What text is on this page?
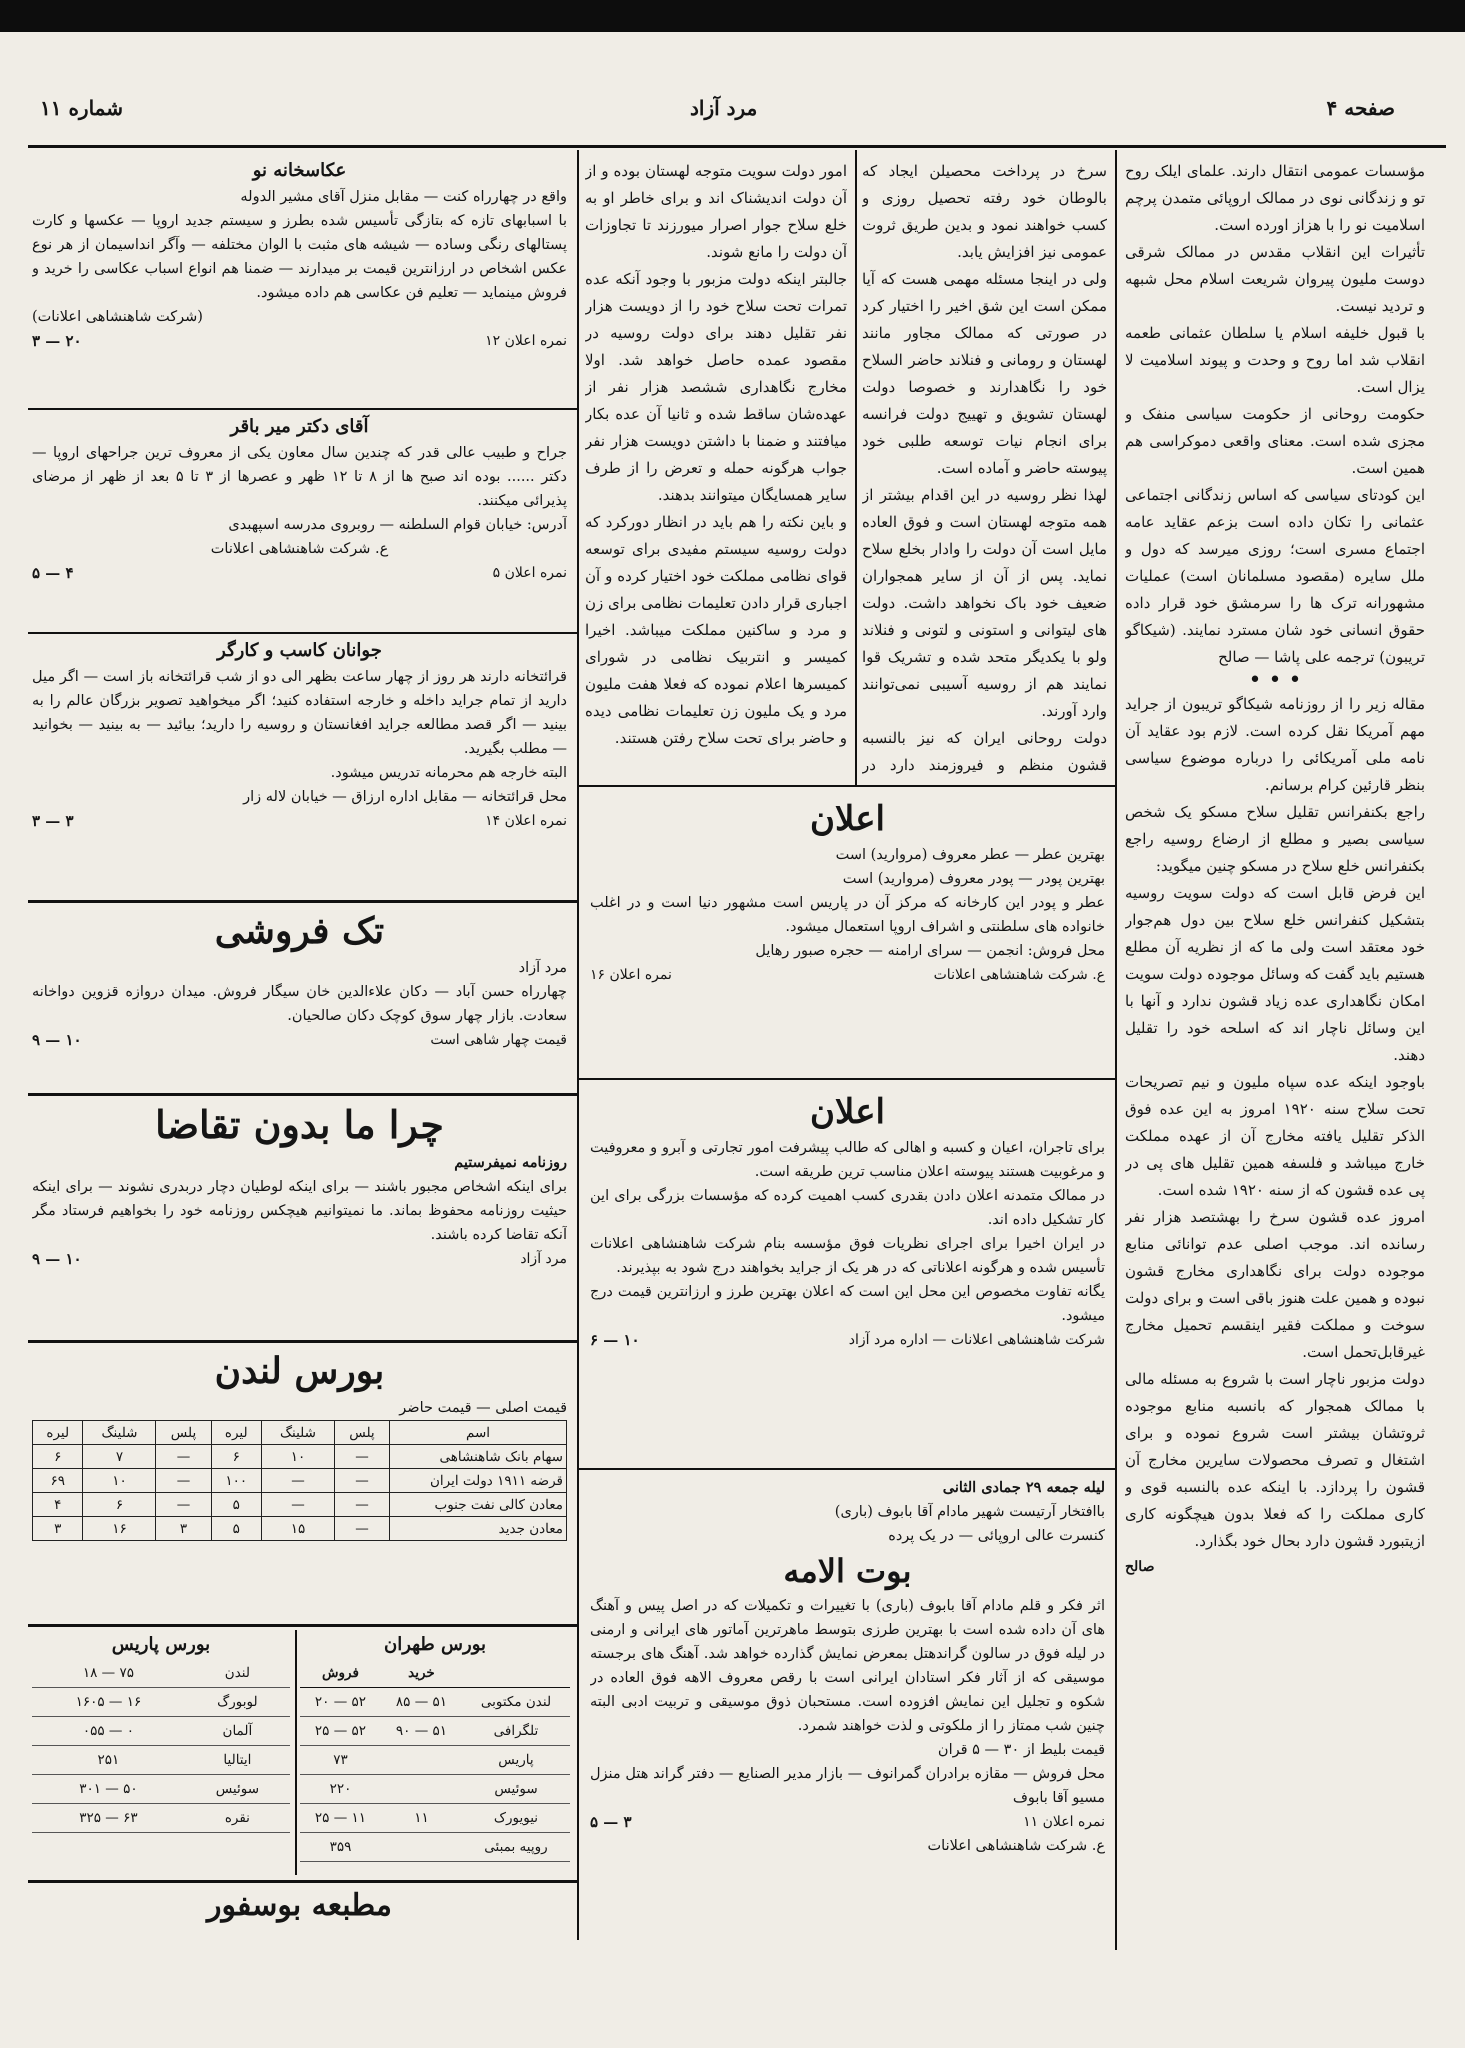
صفحه ۴
مرد آزاد
شماره ۱۱

مؤسسات عمومی انتقال دارند. علمای ایلک روح تو و زندگانی نوی در ممالک اروپائی متمدن پرچم اسلامیت نو را با هزاز اورده است.

تأثیرات این انقلاب مقدس در ممالک شرقی دوست ملیون پیروان شریعت اسلام محل شبهه و تردید نیست.

با قبول خلیفه اسلام یا سلطان عثمانی طعمه انقلاب شد اما روح و وحدت و پیوند اسلامیت لا یزال است.

حکومت روحانی از حکومت سیاسی منفک و مجزی شده است. معنای واقعی دموکراسی هم همین است.

این کودتای سیاسی که اساس زندگانی اجتماعی عثمانی را تکان داده است بزعم عقاید عامه اجتماع مسری است؛ روزی میرسد که دول و ملل سایره (مقصود مسلمانان است) عملیات مشهورانه ترک ها را سرمشق خود قرار داده حقوق انسانی خود شان مسترد نمایند. (شیکاگو تریبون) ترجمه علی پاشا — صالح

• • •

مقاله زیر را از روزنامه شیکاگو تریبون از جراید مهم آمریکا نقل کرده است. لازم بود عقاید آن نامه ملی آمریکائی را درباره موضوع سیاسی بنظر قارئین کرام برسانم.

راجع بکنفرانس تقلیل سلاح مسکو یک شخص سیاسی بصیر و مطلع از ارضاع روسیه راجع بکنفرانس خلع سلاح در مسکو چنین میگوید:

این فرض قابل است که دولت سویت روسیه بتشکیل کنفرانس خلع سلاح بین دول هم‌جوار خود معتقد است ولی ما که از نظریه آن مطلع هستیم باید گفت که وسائل موجوده دولت سویت امکان نگاهداری عده زیاد قشون ندارد و آنها با این وسائل ناچار اند که اسلحه خود را تقلیل دهند.

باوجود اینکه عده سپاه ملیون و نیم تصریحات تحت سلاح سنه ۱۹۲۰ امروز به این عده فوق الذکر تقلیل یافته مخارج آن از عهده مملکت خارج میباشد و فلسفه همین تقلیل های پی در پی عده قشون که از سنه ۱۹۲۰ شده است.

امروز عده قشون سرخ را بهشتصد هزار نفر رسانده اند. موجب اصلی عدم توانائی منابع موجوده دولت برای نگاهداری مخارج قشون نبوده و همین علت هنوز باقی است و برای دولت سوخت و مملکت فقیر اینقسم تحمیل مخارج غیرقابل‌تحمل است.

دولت مزبور ناچار است با شروع به مسئله مالی با ممالک همجوار که بانسبه منابع موجوده ثروتشان بیشتر است شروع نموده و برای اشتغال و تصرف محصولات سایرین مخارج آن قشون را پردازد. با اینکه عده بالنسبه قوی و کاری مملکت را که فعلا بدون هیچگونه کاری ازیتبورد قشون دارد بحال خود بگذارد.

صالح

سرخ در پرداخت محصیلن ایجاد که بالوطان خود رفته تحصیل روزی و کسب خواهند نمود و بدین طریق ثروت عمومی نیز افزایش یابد.

ولی در اینجا مسئله مهمی هست که آیا ممکن است این شق اخیر را اختیار کرد در صورتی که ممالک مجاور مانند لهستان و رومانی و فنلاند حاضر السلاح خود را نگاهدارند و خصوصا دولت لهستان تشویق و تهییج دولت فرانسه برای انجام نیات توسعه طلبی خود پیوسته حاضر و آماده است.

لهذا نظر روسیه در این اقدام بیشتر از همه متوجه لهستان است و فوق العاده مایل است آن دولت را وادار بخلع سلاح نماید. پس از آن از سایر همجواران ضعیف خود باک نخواهد داشت. دولت های لیتوانی و استونی و لتونی و فنلاند ولو با یکدیگر متحد شده و تشریک قوا نمایند هم از روسیه آسیبی نمی‌توانند وارد آورند.

دولت روحانی ایران که نیز بالنسبه قشون منظم و فیروزمند دارد در

امور دولت سویت متوجه لهستان بوده و از آن دولت اندیشناک اند و برای خاطر او به خلع سلاح جوار اصرار میورزند تا تجاوزات آن دولت را مانع شوند.

جالبتر اینکه دولت مزبور با وجود آنکه عده تمرات تحت سلاح خود را از دویست هزار نفر تقلیل دهند برای دولت روسیه در مقصود عمده حاصل خواهد شد. اولا مخارج نگاهداری ششصد هزار نفر از عهده‌شان ساقط شده و ثانیا آن عده بکار میافتند و ضمنا با داشتن دویست هزار نفر جواب هرگونه حمله و تعرض را از طرف سایر همسایگان میتوانند بدهند.

و باین نکته را هم باید در انظار دورکرد که دولت روسیه سیستم مفیدی برای توسعه قوای نظامی مملکت خود اختیار کرده و آن اجباری قرار دادن تعلیمات نظامی برای زن و مرد و ساکنین مملکت میباشد. اخیرا کمیسر و انتربیک نظامی در شورای کمیسرها اعلام نموده که فعلا هفت ملیون مرد و یک ملیون زن تعلیمات نظامی دیده و حاضر برای تحت سلاح رفتن هستند.

اعلان

بهترین عطر — عطر معروف (مروارید) است

بهترین پودر — پودر معروف (مروارید) است

عطر و پودر این کارخانه که مرکز آن در پاریس است مشهور دنیا است و در اغلب خانواده های سلطنتی و اشراف اروپا استعمال میشود.

محل فروش: انجمن — سرای ارامنه — حجره صبور رهایل

ع. شرکت شاهنشاهی اعلانات
نمره اعلان ۱۶
اعلان

برای تاجران، اعیان و کسبه و اهالی که طالب پیشرفت امور تجارتی و آبرو و معروفیت و مرغوبیت هستند پیوسته اعلان مناسب ترین طریقه است.

در ممالک متمدنه اعلان دادن بقدری کسب اهمیت کرده که مؤسسات بزرگی برای این کار تشکیل داده اند.

در ایران اخیرا برای اجرای نظریات فوق مؤسسه بنام شرکت شاهنشاهی اعلانات تأسیس شده و هرگونه اعلاناتی که در هر یک از جراید بخواهند درج شود به بپذیرند.

یگانه تفاوت مخصوص این محل این است که اعلان بهترین طرز و ارزانترین قیمت درج میشود.

شرکت شاهنشاهی اعلانات — اداره مرد آزاد
۶ — ۱۰

لیله جمعه ۲۹ جمادی الثانی

باافتخار آرتیست شهیر مادام آقا بابوف (باری)

کنسرت عالی اروپائی — در یک پرده

بوت الامه

اثر فکر و قلم مادام آقا بابوف (باری) با تغییرات و تکمیلات که در اصل پیس و آهنگ های آن داده شده است با بهترین طرزی بتوسط ماهرترین آماتور های ایرانی و ارمنی در لیله فوق در سالون گراندهتل بمعرض نمایش گذارده خواهد شد. آهنگ های برجسته موسیقی که از آثار فکر استادان ایرانی است با رقص معروف الاهه فوق العاده در شکوه و تجلیل این نمایش افزوده است. مستحبان ذوق موسیقی و تربیت ادبی البته چنین شب ممتاز را از ملکوتی و لذت خواهند شمرد.

قیمت بلیط از ۳۰ — ۵ قران

محل فروش — مقازه برادران گمرانوف — بازار مدیر الصنایع — دفتر گراند هتل منزل مسیو آقا بابوف

نمره اعلان ۱۱
۵ — ۳

ع. شرکت شاهنشاهی اعلانات

عکاسخانه نو

واقع در چهارراه کنت — مقابل منزل آقای مشیر الدوله

با اسبابهای تازه که بتازگی تأسیس شده بطرز و سیستم جدید اروپا — عکسها و کارت پستالهای رنگی وساده — شیشه های مثبت با الوان مختلفه — وآگر انداسیمان از هر نوع عکس اشخاص در ارزانترین قیمت بر میدارند — ضمنا هم انواع اسباب عکاسی را خرید و فروش مینماید — تعلیم فن عکاسی هم داده میشود.

(شرکت شاهنشاهی اعلانات)

نمره اعلان ۱۲
۳ — ۲۰
آقای دکتر میر باقر

جراح و طبیب عالی قدر که چندین سال معاون یکی از معروف ترین جراحهای اروپا — دکتر ...... بوده اند صبح ها از ۸ تا ۱۲ ظهر و عصرها از ۳ تا ۵ بعد از ظهر از مرضای پذیرائی میکنند.

آدرس: خیابان قوام السلطنه — روبروی مدرسه اسپهبدی

ع. شرکت شاهنشاهی اعلانات

نمره اعلان ۵
۵ — ۴
جوانان کاسب و کارگر

قرائتخانه دارند هر روز از چهار ساعت بظهر الی دو از شب قرائتخانه باز است — اگر میل دارید از تمام جراید داخله و خارجه استفاده کنید؛ اگر میخواهید تصویر بزرگان عالم را به بینید — اگر قصد مطالعه جراید افغانستان و روسیه را دارید؛ بیائید — به بینید — بخوانید — مطلب بگیرید.

البته خارجه هم محرمانه تدریس میشود.

محل قرائتخانه — مقابل اداره ارزاق — خیابان لاله زار

نمره اعلان ۱۴
۳ — ۳
تک فروشی

مرد آزاد

چهارراه حسن آباد — دکان علاءالدین خان سیگار فروش. میدان دروازه قزوین دواخانه سعادت. بازار چهار سوق کوچک دکان صالحیان.

قیمت چهار شاهی است
۹ — ۱۰
چرا ما بدون تقاضا

روزنامه نمیفرستیم

برای اینکه اشخاص مجبور باشند — برای اینکه لوطیان دچار دربدری نشوند — برای اینکه حیثیت روزنامه محفوظ بماند. ما نمیتوانیم هیچکس روزنامه خود را بخواهیم فرستاد مگر آنکه تقاضا کرده باشند.

مرد آزاد
۹ — ۱۰
بورس لندن

قیمت اصلی — قیمت حاضر

اسم	پلس	شلینگ	لیره	پلس	شلینگ	لیره
سهام بانک شاهنشاهی	—	۱۰	۶	—	۷	۶
قرضه ۱۹۱۱ دولت ایران	—	—	۱۰۰	—	۱۰	۶۹
معادن کالی نفت جنوب	—	—	۵	—	۶	۴
معادن جدید	—	۱۵	۵	۳	۱۶	۳
بورس طهران
	خرید	فروش
لندن مکتوبی	۵۱ — ۸۵	۵۲ — ۲۰
تلگرافی	۵۱ — ۹۰	۵۲ — ۲۵
پاریس		۷۳
سوئیس		۲۲۰
نیویورک	۱۱	۱۱ — ۲۵
روپیه بمبئی		۳۵۹
بورس پاریس
لندن	۷۵ — ۱۸
لوبورگ	۱۶ — ۱۶۰۵
آلمان	۰ — ۰۵۵
ایتالیا	۲۵۱
سوئیس	۵۰ — ۳۰۱
نقره	۶۳ — ۳۲۵
مطبعه بوسفور
